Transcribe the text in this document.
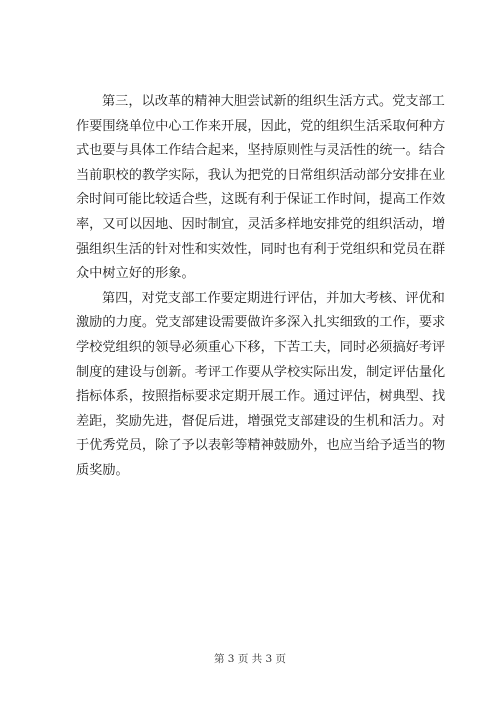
第三，以改革的精神大胆尝试新的组织生活方式。党支部工
作要围绕单位中心工作来开展，因此，党的组织生活采取何种方
式也要与具体工作结合起来，坚持原则性与灵活性的统一。结合
当前职校的教学实际，我认为把党的日常组织活动部分安排在业
余时间可能比较适合些，这既有利于保证工作时间，提高工作效
率，又可以因地、因时制宜，灵活多样地安排党的组织活动，增
强组织生活的针对性和实效性，同时也有利于党组织和党员在群
众中树立好的形象。
第四，对党支部工作要定期进行评估，并加大考核、评优和
激励的力度。党支部建设需要做许多深入扎实细致的工作，要求
学校党组织的领导必须重心下移，下苦工夫，同时必须搞好考评
制度的建设与创新。考评工作要从学校实际出发，制定评估量化
指标体系，按照指标要求定期开展工作。通过评估，树典型、找
差距，奖励先进，督促后进，增强党支部建设的生机和活力。对
于优秀党员，除了予以表彰等精神鼓励外，也应当给予适当的物
质奖励。
第 3 页 共 3 页
